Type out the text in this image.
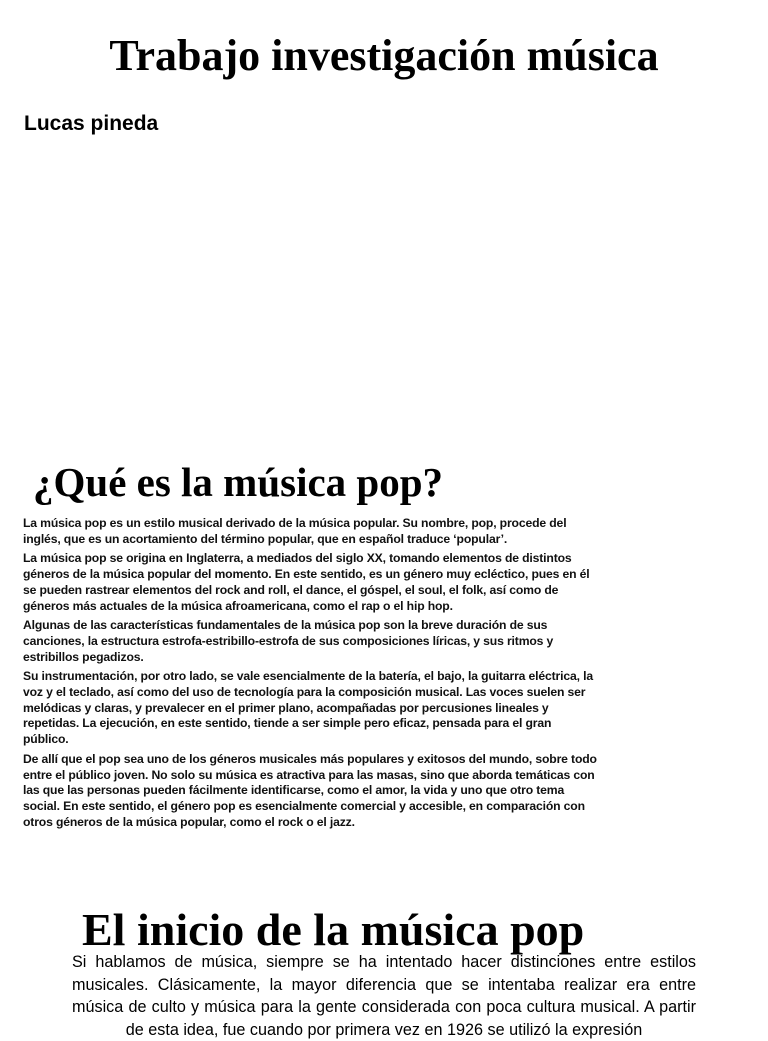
Trabajo investigación música
Lucas pineda
¿Qué es la música pop?

La música pop es un estilo musical derivado de la música popular. Su nombre, pop, procede del inglés, que es un acortamiento del término popular, que en español traduce ‘popular’.

La música pop se origina en Inglaterra, a mediados del siglo XX, tomando elementos de distintos géneros de la música popular del momento. En este sentido, es un género muy ecléctico, pues en él se pueden rastrear elementos del rock and roll, el dance, el góspel, el soul, el folk, así como de géneros más actuales de la música afroamericana, como el rap o el hip hop.

Algunas de las características fundamentales de la música pop son la breve duración de sus canciones, la estructura estrofa-estribillo-estrofa de sus composiciones líricas, y sus ritmos y estribillos pegadizos.

Su instrumentación, por otro lado, se vale esencialmente de la batería, el bajo, la guitarra eléctrica, la voz y el teclado, así como del uso de tecnología para la composición musical. Las voces suelen ser melódicas y claras, y prevalecer en el primer plano, acompañadas por percusiones lineales y repetidas. La ejecución, en este sentido, tiende a ser simple pero eficaz, pensada para el gran público.

De allí que el pop sea uno de los géneros musicales más populares y exitosos del mundo, sobre todo entre el público joven. No solo su música es atractiva para las masas, sino que aborda temáticas con las que las personas pueden fácilmente identificarse, como el amor, la vida y uno que otro tema social. En este sentido, el género pop es esencialmente comercial y accesible, en comparación con otros géneros de la música popular, como el rock o el jazz.

El inicio de la música pop

Si hablamos de música, siempre se ha intentado hacer distinciones entre estilos musicales. Clásicamente, la mayor diferencia que se intentaba realizar era entre música de culto y música para la gente considerada con poca cultura musical. A partir de esta idea, fue cuando por primera vez en 1926 se utilizó la expresión
